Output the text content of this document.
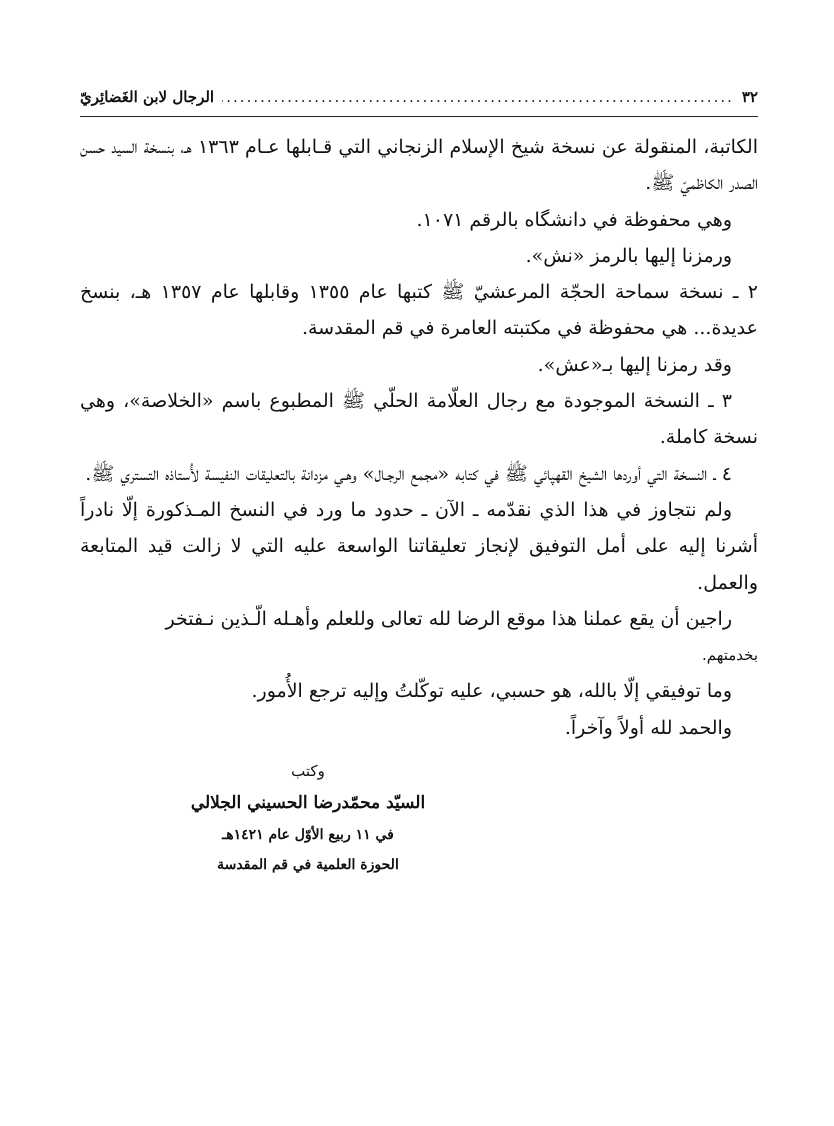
٣٢
.....
الرجال لابن الغَضائِريّ

الكاتبة، المنقولة عن نسخة شيخ الإسلام الزنجاني التي قـابلها عـام ١٣٦٣ هـ، بنسخة السيد حسن الصدر الكاظميّ ﷺ.

وهي محفوظة في دانشگاه بالرقم ١٠٧١.

ورمزنا إليها بالرمز «نش».

٢ ـ نسخة سماحة الحجّة المرعشيّ ﷺ كتبها عام ١٣٥٥ وقابلها عام ١٣٥٧ هـ، بنسخ عديدة... هي محفوظة في مكتبته العامرة في قم المقدسة.

وقد رمزنا إليها بـ«عش».

٣ ـ النسخة الموجودة مع رجال العلّامة الحلّي ﷺ المطبوع باسم «الخلاصة»، وهي نسخة كاملة.

٤ ـ النسخة التي أوردها الشيخ القهپائي ﷺ في كتابه «مجمع الرجـال» وهـي مزدانة بالتعليقات النفيسة لأُستاذه التستري ﷺ.

ولم نتجاوز في هذا الذي نقدّمه ـ الآن ـ حدود ما ورد في النسخ المـذكورة إلّا نادراً أشرنا إليه على أمل التوفيق لإنجاز تعليقاتنا الواسعة عليه التي لا زالت قيد المتابعة والعمل.

راجين أن يقع عملنا هذا موقع الرضا لله تعالى وللعلم وأهـله الّـذين نـفتخر

بخدمتهم.

وما توفيقي إلّا بالله، هو حسبي، عليه توكّلتُ وإليه ترجع الأُمور.

والحمد لله أولاً وآخراً.

وكتب
السيّد محمّدرضا الحسيني الجلالي
في ١١ ربيع الأوّل عام ١٤٢١هـ
الحوزة العلمية في قم المقدسة
